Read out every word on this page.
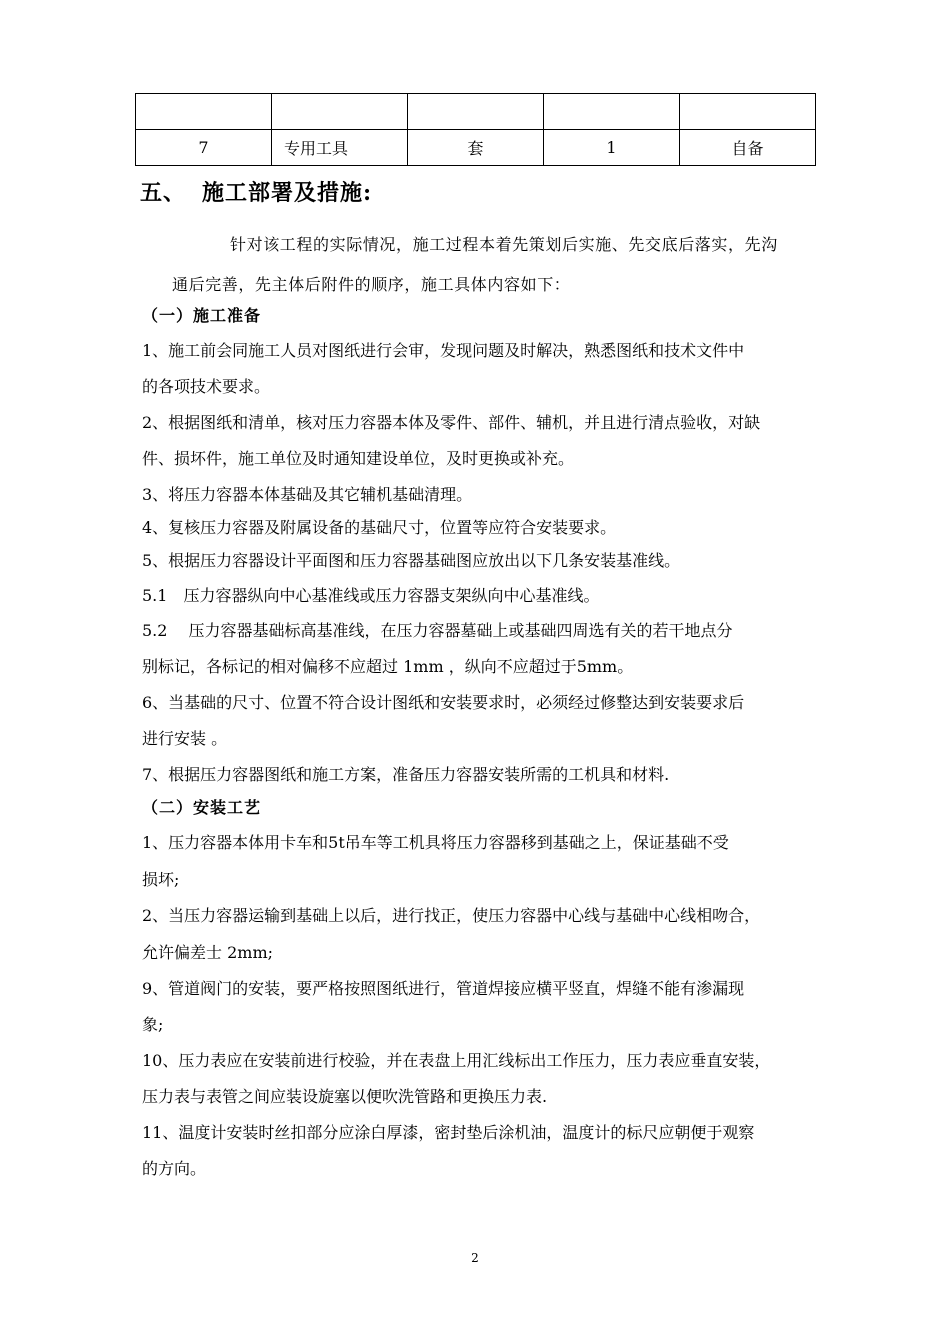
7	专用工具	套	1	自备
五、 施工部署及措施:
针对该工程的实际情况，施工过程本着先策划后实施、先交底后落实，先沟
通后完善，先主体后附件的顺序，施工具体内容如下：
（一）施工准备
1、施工前会同施工人员对图纸进行会审，发现问题及时解决，熟悉图纸和技术文件中
的各项技术要求。
2、根据图纸和清单，核对压力容器本体及零件、部件、辅机，并且进行清点验收，对缺
件、损坏件，施工单位及时通知建设单位，及时更换或补充。
3、将压力容器本体基础及其它辅机基础清理。
4、复核压力容器及附属设备的基础尺寸，位置等应符合安装要求。
5、根据压力容器设计平面图和压力容器基础图应放出以下几条安装基准线。
5.1　压力容器纵向中心基准线或压力容器支架纵向中心基准线。
5.2　 压力容器基础标高基准线，在压力容器墓础上或基础四周选有关的若干地点分
别标记，各标记的相对偏移不应超过 1mm ，纵向不应超过于5mm。
6、当基础的尺寸、位置不符合设计图纸和安装要求时，必须经过修整达到安装要求后
进行安装 。
7、根据压力容器图纸和施工方案，准备压力容器安装所需的工机具和材料.
（二）安装工艺
1、压力容器本体用卡车和5t吊车等工机具将压力容器移到基础之上，保证基础不受
损坏;
2、当压力容器运输到基础上以后，进行找正，使压力容器中心线与基础中心线相吻合，
允许偏差士 2mm;
9、管道阀门的安装，要严格按照图纸进行，管道焊接应横平竖直，焊缝不能有渗漏现
象;
10、压力表应在安装前进行校验，并在表盘上用汇线标出工作压力，压力表应垂直安装，
压力表与表管之间应装设旋塞以便吹洗管路和更换压力表.
11、温度计安装时丝扣部分应涂白厚漆，密封垫后涂机油，温度计的标尺应朝便于观察
的方向。
2
